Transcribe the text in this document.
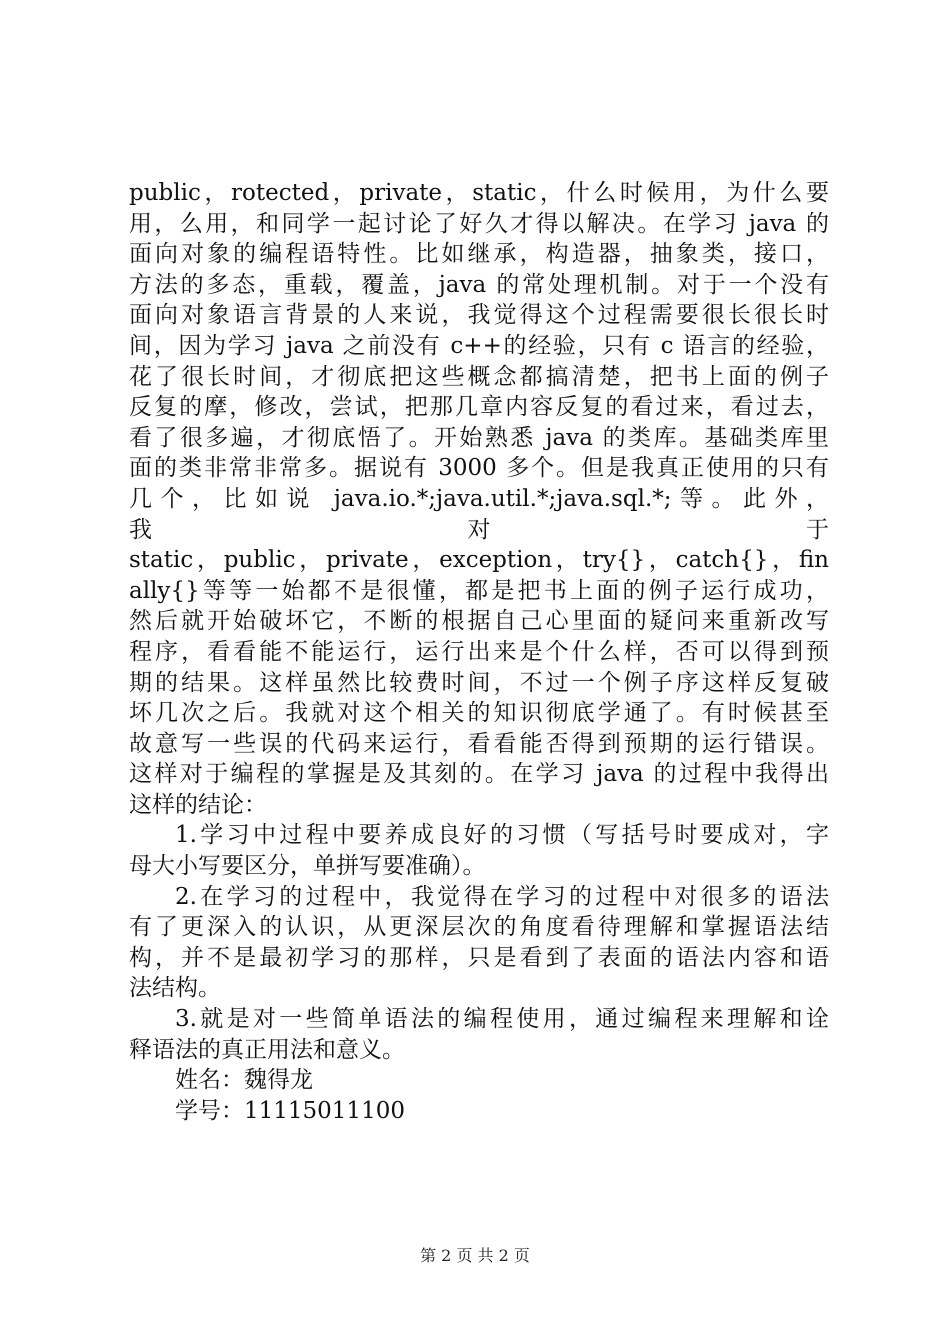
public，rotected，private，static，什么时候用，为什么要
用，么用，和同学一起讨论了好久才得以解决。在学习 java 的
面向对象的编程语特性。比如继承，构造器，抽象类，接口，
方法的多态，重载，覆盖，java 的常处理机制。对于一个没有
面向对象语言背景的人来说，我觉得这个过程需要很长很长时
间，因为学习 java 之前没有 c++的经验，只有 c 语言的经验，
花了很长时间，才彻底把这些概念都搞清楚，把书上面的例子
反复的摩，修改，尝试，把那几章内容反复的看过来，看过去，
看了很多遍，才彻底悟了。开始熟悉 java 的类库。基础类库里
面的类非常非常多。据说有 3000 多个。但是我真正使用的只有
几个，比如说 java.io.*;java.util.*;java.sql.*;等。此外，
我	对	于
static，public，private，exception，try{}，catch{}，fin
ally{}等等一始都不是很懂，都是把书上面的例子运行成功，
然后就开始破坏它，不断的根据自己心里面的疑问来重新改写
程序，看看能不能运行，运行出来是个什么样，否可以得到预
期的结果。这样虽然比较费时间，不过一个例子序这样反复破
坏几次之后。我就对这个相关的知识彻底学通了。有时候甚至
故意写一些误的代码来运行，看看能否得到预期的运行错误。
这样对于编程的掌握是及其刻的。在学习 java 的过程中我得出
这样的结论：
1.学习中过程中要养成良好的习惯（写括号时要成对，字
母大小写要区分，单拼写要准确）。
2.在学习的过程中，我觉得在学习的过程中对很多的语法
有了更深入的认识，从更深层次的角度看待理解和掌握语法结
构，并不是最初学习的那样，只是看到了表面的语法内容和语
法结构。
3.就是对一些简单语法的编程使用，通过编程来理解和诠
释语法的真正用法和意义。
姓名：魏得龙
学号：11115011100
第 2 页 共 2 页
